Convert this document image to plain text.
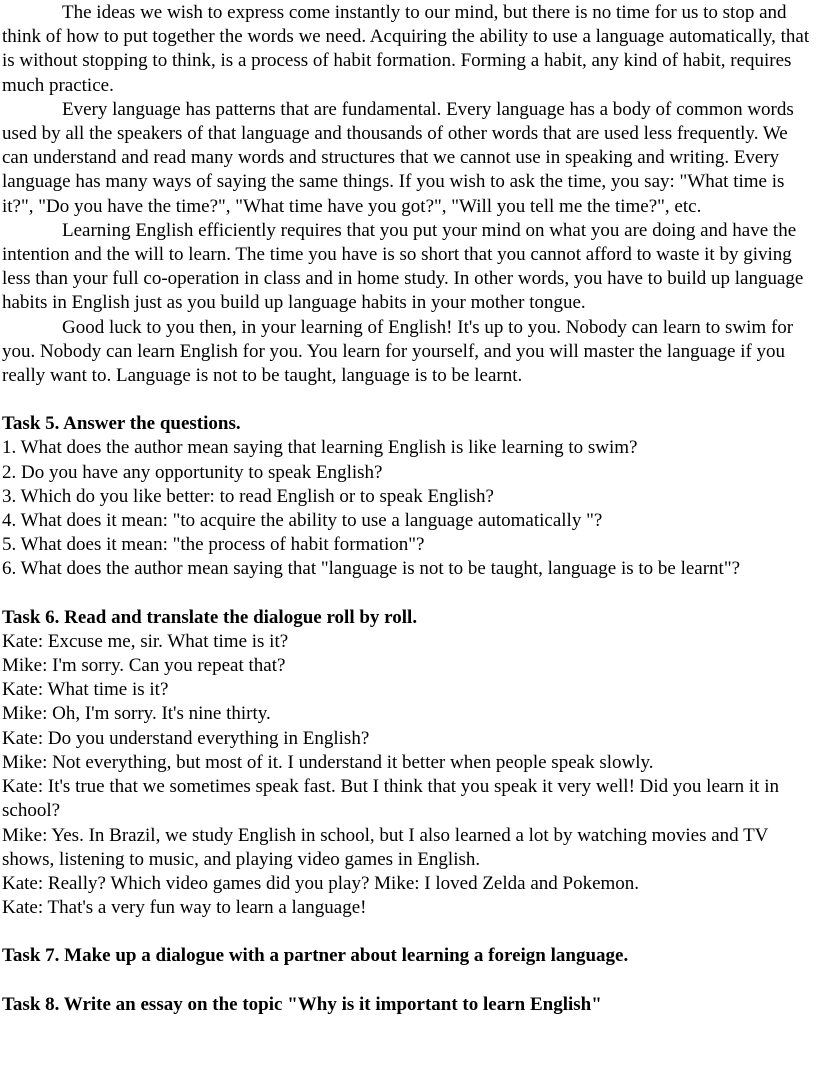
The ideas we wish to express come instantly to our mind, but there is no time for us to stop and think of how to put together the words we need. Acquiring the ability to use a language automatically, that is without stopping to think, is a process of habit formation. Forming a habit, any kind of habit, requires much practice.

Every language has patterns that are fundamental. Every language has a body of common words used by all the speakers of that language and thousands of other words that are used less frequently. We can understand and read many words and structures that we cannot use in speaking and writing. Every language has many ways of saying the same things. If you wish to ask the time, you say: "What time is it?", "Do you have the time?", "What time have you got?", "Will you tell me the time?", etc.

Learning English efficiently requires that you put your mind on what you are doing and have the intention and the will to learn. The time you have is so short that you cannot afford to waste it by giving less than your full co-operation in class and in home study. In other words, you have to build up language habits in English just as you build up language habits in your mother tongue.

Good luck to you then, in your learning of English! It's up to you. Nobody can learn to swim for you. Nobody can learn English for you. You learn for yourself, and you will master the language if you really want to. Language is not to be taught, language is to be learnt.

Task 5. Answer the questions.

1. What does the author mean saying that learning English is like learning to swim?

2. Do you have any opportunity to speak English?

3. Which do you like better: to read English or to speak English?

4. What does it mean: "to acquire the ability to use a language automatically "?

5. What does it mean: "the process of habit formation"?

6. What does the author mean saying that "language is not to be taught, language is to be learnt"?

Task 6. Read and translate the dialogue roll by roll.

Kate: Excuse me, sir. What time is it?

Mike: I'm sorry. Can you repeat that?

Kate: What time is it?

Mike: Oh, I'm sorry. It's nine thirty.

Kate: Do you understand everything in English?

Mike: Not everything, but most of it. I understand it better when people speak slowly.

Kate: It's true that we sometimes speak fast. But I think that you speak it very well! Did you learn it in school?

Mike: Yes. In Brazil, we study English in school, but I also learned a lot by watching movies and TV shows, listening to music, and playing video games in English.

Kate: Really? Which video games did you play? Mike: I loved Zelda and Pokemon.

Kate: That's a very fun way to learn a language!

Task 7. Make up a dialogue with a partner about learning a foreign language.
Task 8. Write an essay on the topic "Why is it important to learn English"
